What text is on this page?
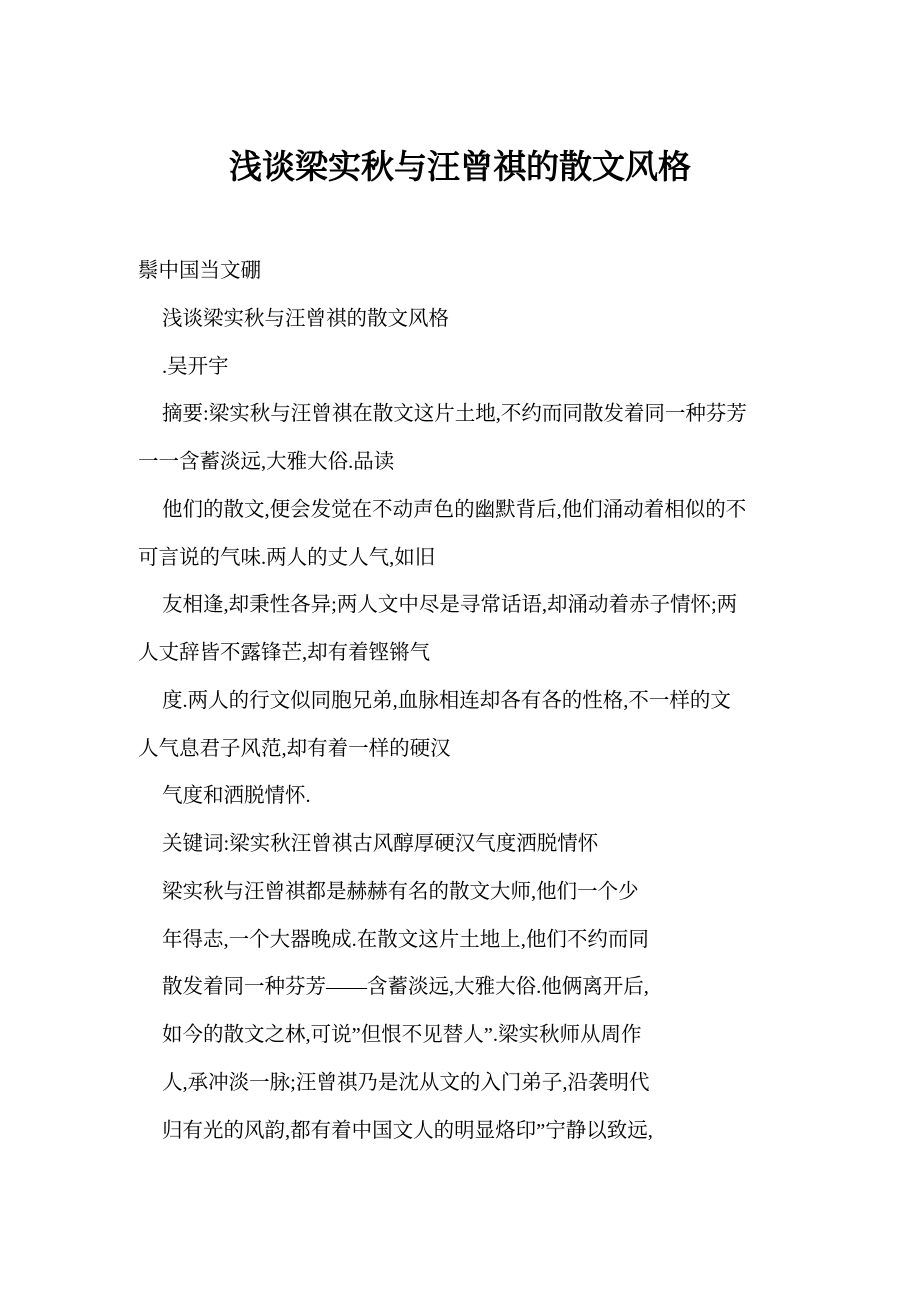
浅谈梁实秋与汪曾祺的散文风格
鬃中国当文硼
浅谈梁实秋与汪曾祺的散文风格
.吴开宇
摘要:梁实秋与汪曾祺在散文这片土地,不约而同散发着同一种芬芳
一一含蓄淡远,大雅大俗.品读
他们的散文,便会发觉在不动声色的幽默背后,他们涌动着相似的不
可言说的气味.两人的丈人气,如旧
友相逢,却秉性各异;两人文中尽是寻常话语,却涌动着赤子情怀;两
人丈辞皆不露锋芒,却有着铿锵气
度.两人的行文似同胞兄弟,血脉相连却各有各的性格,不一样的文
人气息君子风范,却有着一样的硬汉
气度和洒脱情怀.
关键词:梁实秋汪曾祺古风醇厚硬汉气度洒脱情怀
梁实秋与汪曾祺都是赫赫有名的散文大师,他们一个少
年得志,一个大器晚成.在散文这片土地上,他们不约而同
散发着同一种芬芳——含蓄淡远,大雅大俗.他俩离开后,
如今的散文之林,可说”但恨不见替人”.梁实秋师从周作
人,承冲淡一脉;汪曾祺乃是沈从文的入门弟子,沿袭明代
归有光的风韵,都有着中国文人的明显烙印”宁静以致远,
